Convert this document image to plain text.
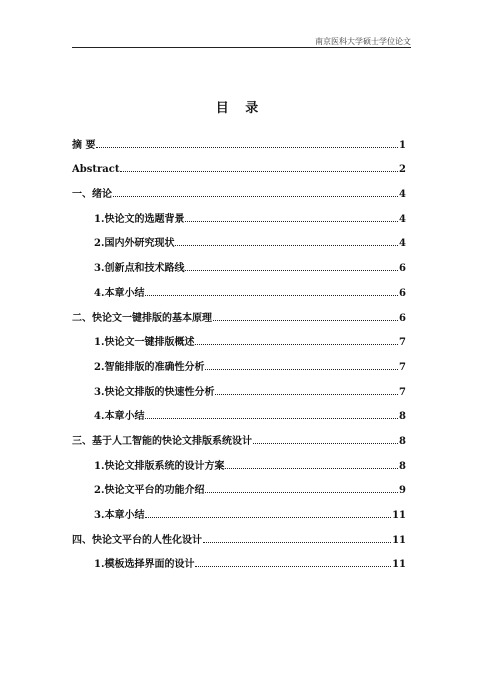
南京医科大学硕士学位论文
目 录
摘 要	1
Abstract	2
一、绪论	4
1.快论文的选题背景	4
2.国内外研究现状	4
3.创新点和技术路线	6
4.本章小结	6
二、快论文一键排版的基本原理	6
1.快论文一键排版概述	7
2.智能排版的准确性分析	7
3.快论文排版的快速性分析	7
4.本章小结	8
三、基于人工智能的快论文排版系统设计	8
1.快论文排版系统的设计方案	8
2.快论文平台的功能介绍	9
3.本章小结	11
四、快论文平台的人性化设计	11
1.模板选择界面的设计	11
